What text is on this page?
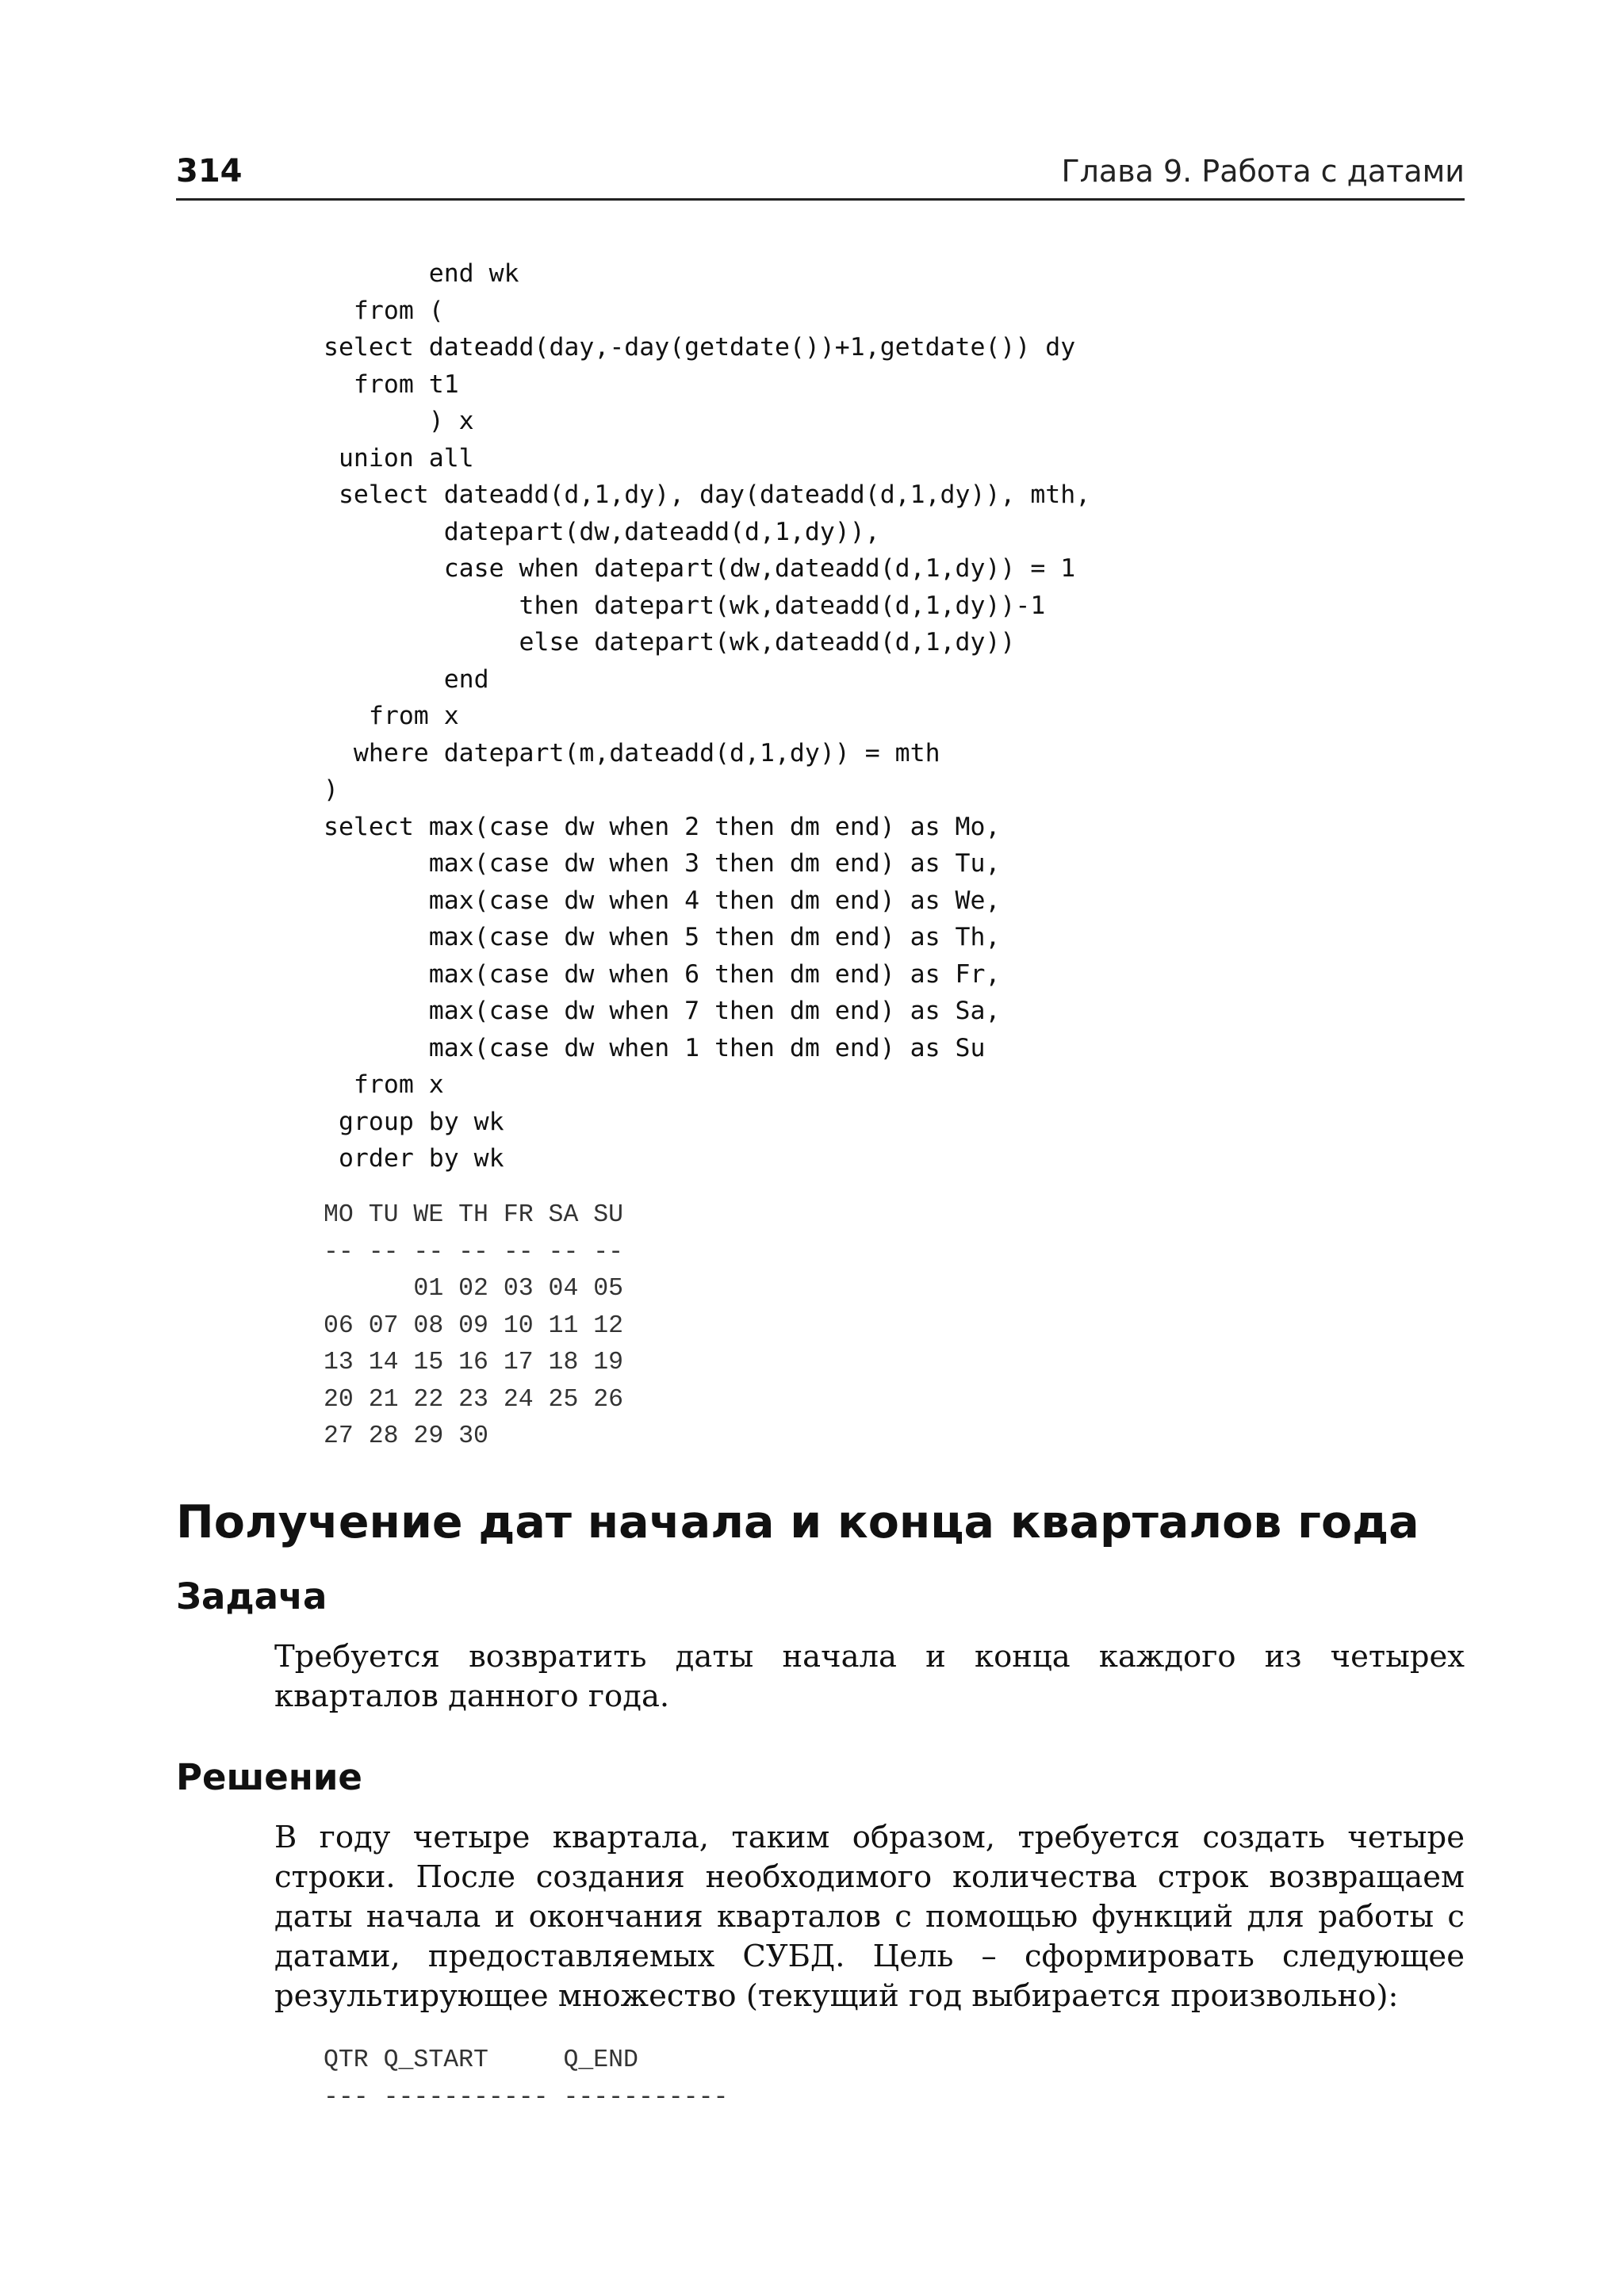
314	Глава 9. Работа с датами
end wk
from (
select dateadd(day,-day(getdate())+1,getdate()) dy
from t1
) x
union all
select dateadd(d,1,dy), day(dateadd(d,1,dy)), mth,
datepart(dw,dateadd(d,1,dy)),
case when datepart(dw,dateadd(d,1,dy)) = 1
then datepart(wk,dateadd(d,1,dy))-1
else datepart(wk,dateadd(d,1,dy))
end
from x
where datepart(m,dateadd(d,1,dy)) = mth
)
select max(case dw when 2 then dm end) as Mo,
max(case dw when 3 then dm end) as Tu,
max(case dw when 4 then dm end) as We,
max(case dw when 5 then dm end) as Th,
max(case dw when 6 then dm end) as Fr,
max(case dw when 7 then dm end) as Sa,
max(case dw when 1 then dm end) as Su
from x
group by wk
order by wk
MO TU WE TH FR SA SU
-- -- -- -- -- -- --
01 02 03 04 05
06 07 08 09 10 11 12
13 14 15 16 17 18 19
20 21 22 23 24 25 26
27 28 29 30
Получение дат начала и конца кварталов года
Задача

Требуется возвратить даты начала и конца каждого из четырех кварталов данного года.

Решение

В году четыре квартала, таким образом, требуется создать четыре строки. После создания необходимого количества строк возвращаем даты начала и окончания кварталов с помощью функций для работы с датами, предоставляемых СУБД. Цель – сформировать следующее результирующее множество (текущий год выбирается произвольно):

QTR Q_START     Q_END
--- ----------- -----------
